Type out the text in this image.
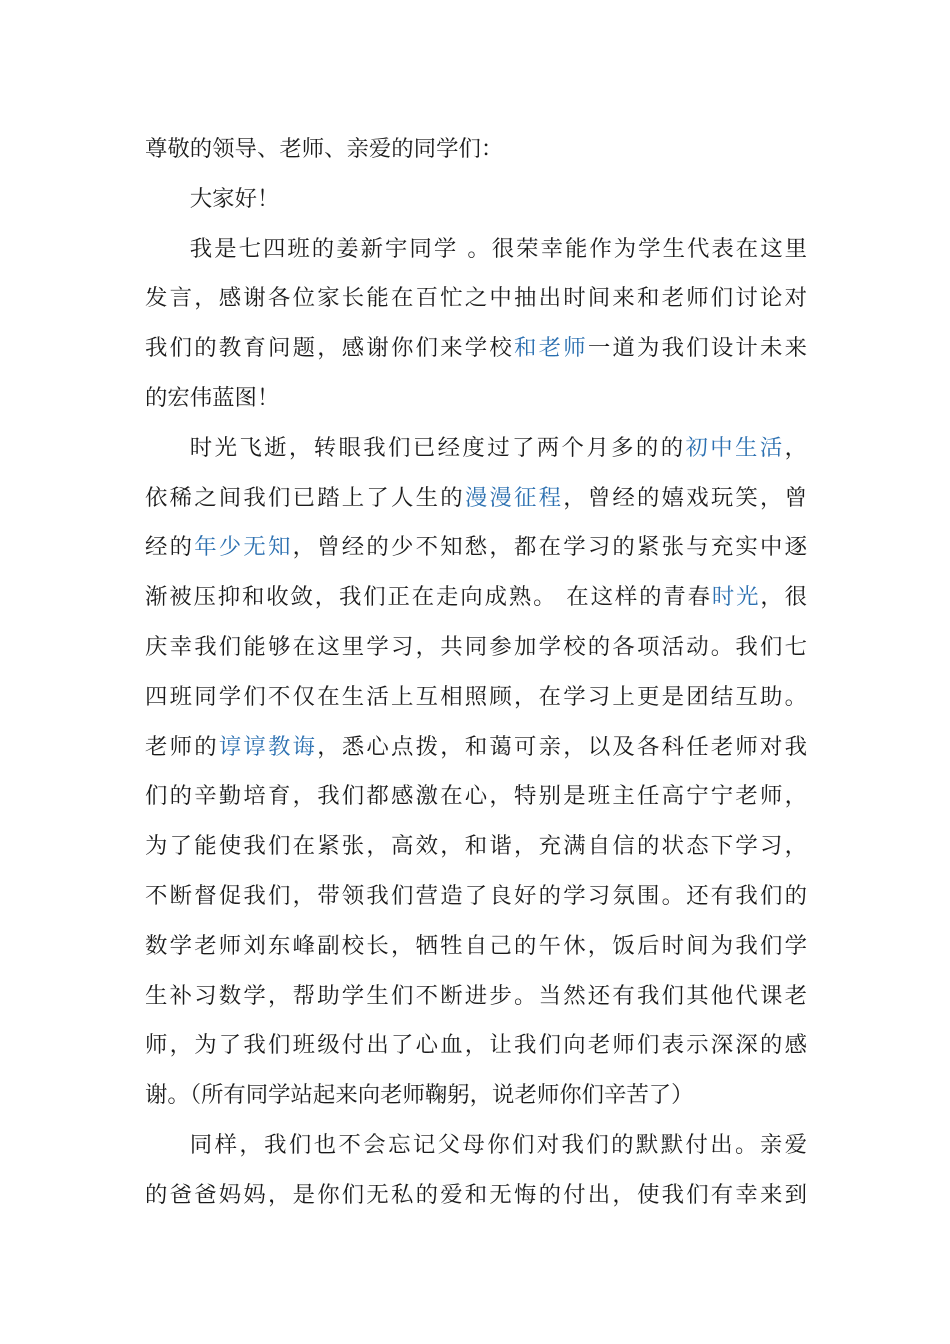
尊敬的领导、老师、亲爱的同学们：
大家好！
我是七四班的姜新宇同学 。很荣幸能作为学生代表在这里
发言，感谢各位家长能在百忙之中抽出时间来和老师们讨论对
我们的教育问题，感谢你们来学校和老师一道为我们设计未来
的宏伟蓝图！
时光飞逝，转眼我们已经度过了两个月多的的初中生活，
依稀之间我们已踏上了人生的漫漫征程，曾经的嬉戏玩笑，曾
经的年少无知，曾经的少不知愁，都在学习的紧张与充实中逐
渐被压抑和收敛，我们正在走向成熟。 在这样的青春时光，很
庆幸我们能够在这里学习，共同参加学校的各项活动。我们七
四班同学们不仅在生活上互相照顾，在学习上更是团结互助。
老师的谆谆教诲，悉心点拨，和蔼可亲，以及各科任老师对我
们的辛勤培育，我们都感激在心，特别是班主任高宁宁老师，
为了能使我们在紧张，高效，和谐，充满自信的状态下学习，
不断督促我们，带领我们营造了良好的学习氛围。还有我们的
数学老师刘东峰副校长，牺牲自己的午休，饭后时间为我们学
生补习数学，帮助学生们不断进步。当然还有我们其他代课老
师，为了我们班级付出了心血，让我们向老师们表示深深的感
谢。（所有同学站起来向老师鞠躬，说老师你们辛苦了）
同样，我们也不会忘记父母你们对我们的默默付出。亲爱
的爸爸妈妈，是你们无私的爱和无悔的付出，使我们有幸来到
